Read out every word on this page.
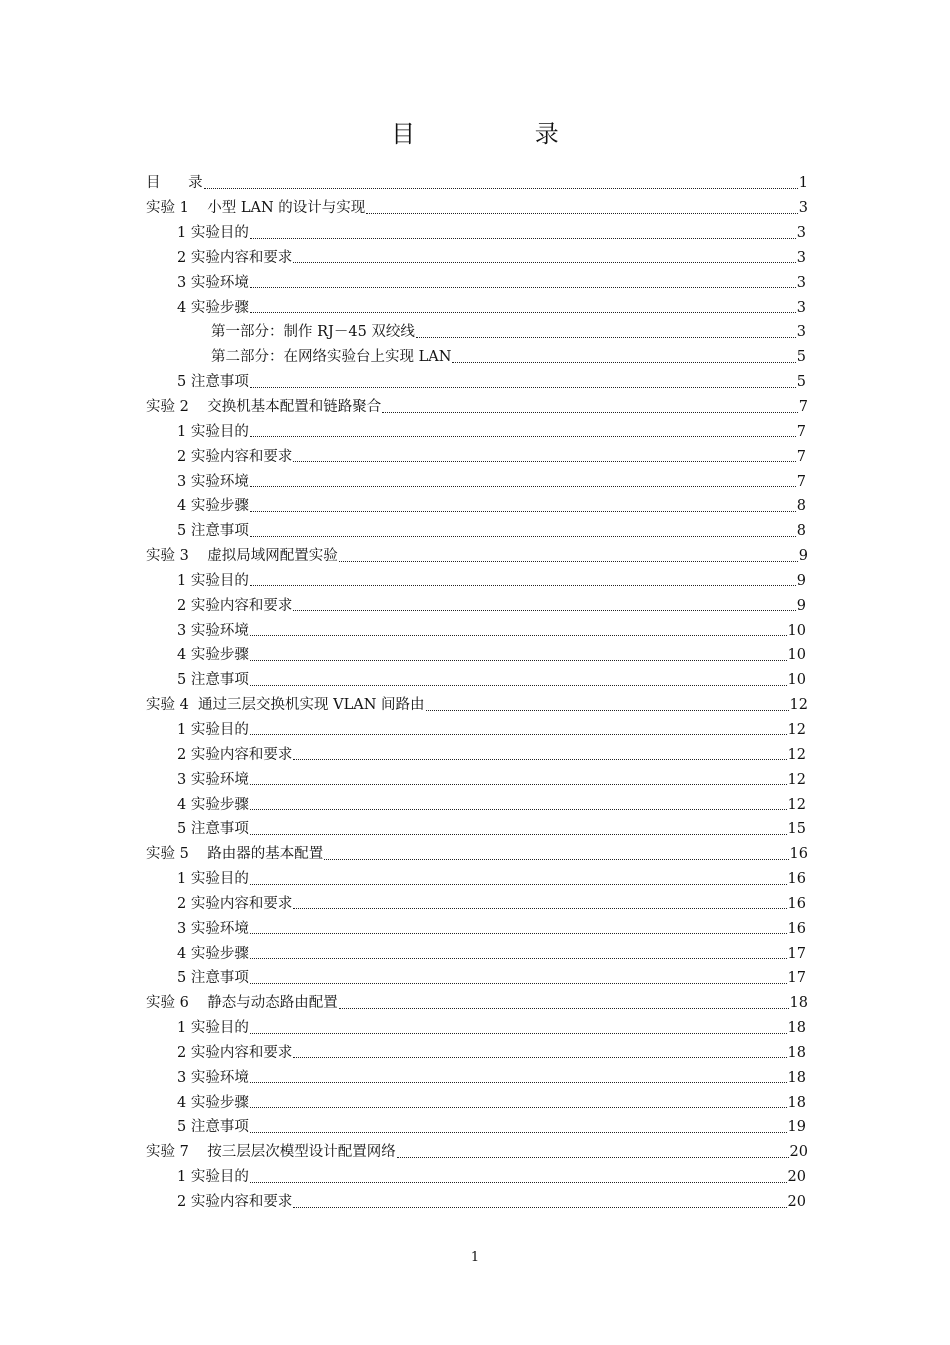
目 录
目      录	1
实验 1    小型 LAN 的设计与实现	3
1 实验目的	3
2 实验内容和要求	3
3 实验环境	3
4 实验步骤	3
第一部分：制作 RJ－45 双绞线	3
第二部分：在网络实验台上实现 LAN	5
5 注意事项	5
实验 2    交换机基本配置和链路聚合	7
1 实验目的	7
2 实验内容和要求	7
3 实验环境	7
4 实验步骤	8
5 注意事项	8
实验 3    虚拟局域网配置实验	9
1 实验目的	9
2 实验内容和要求	9
3 实验环境	10
4 实验步骤	10
5 注意事项	10
实验 4  通过三层交换机实现 VLAN 间路由	12
1 实验目的	12
2 实验内容和要求	12
3 实验环境	12
4 实验步骤	12
5 注意事项	15
实验 5    路由器的基本配置	16
1 实验目的	16
2 实验内容和要求	16
3 实验环境	16
4 实验步骤	17
5 注意事项	17
实验 6    静态与动态路由配置	18
1 实验目的	18
2 实验内容和要求	18
3 实验环境	18
4 实验步骤	18
5 注意事项	19
实验 7    按三层层次模型设计配置网络	20
1 实验目的	20
2 实验内容和要求	20
1
